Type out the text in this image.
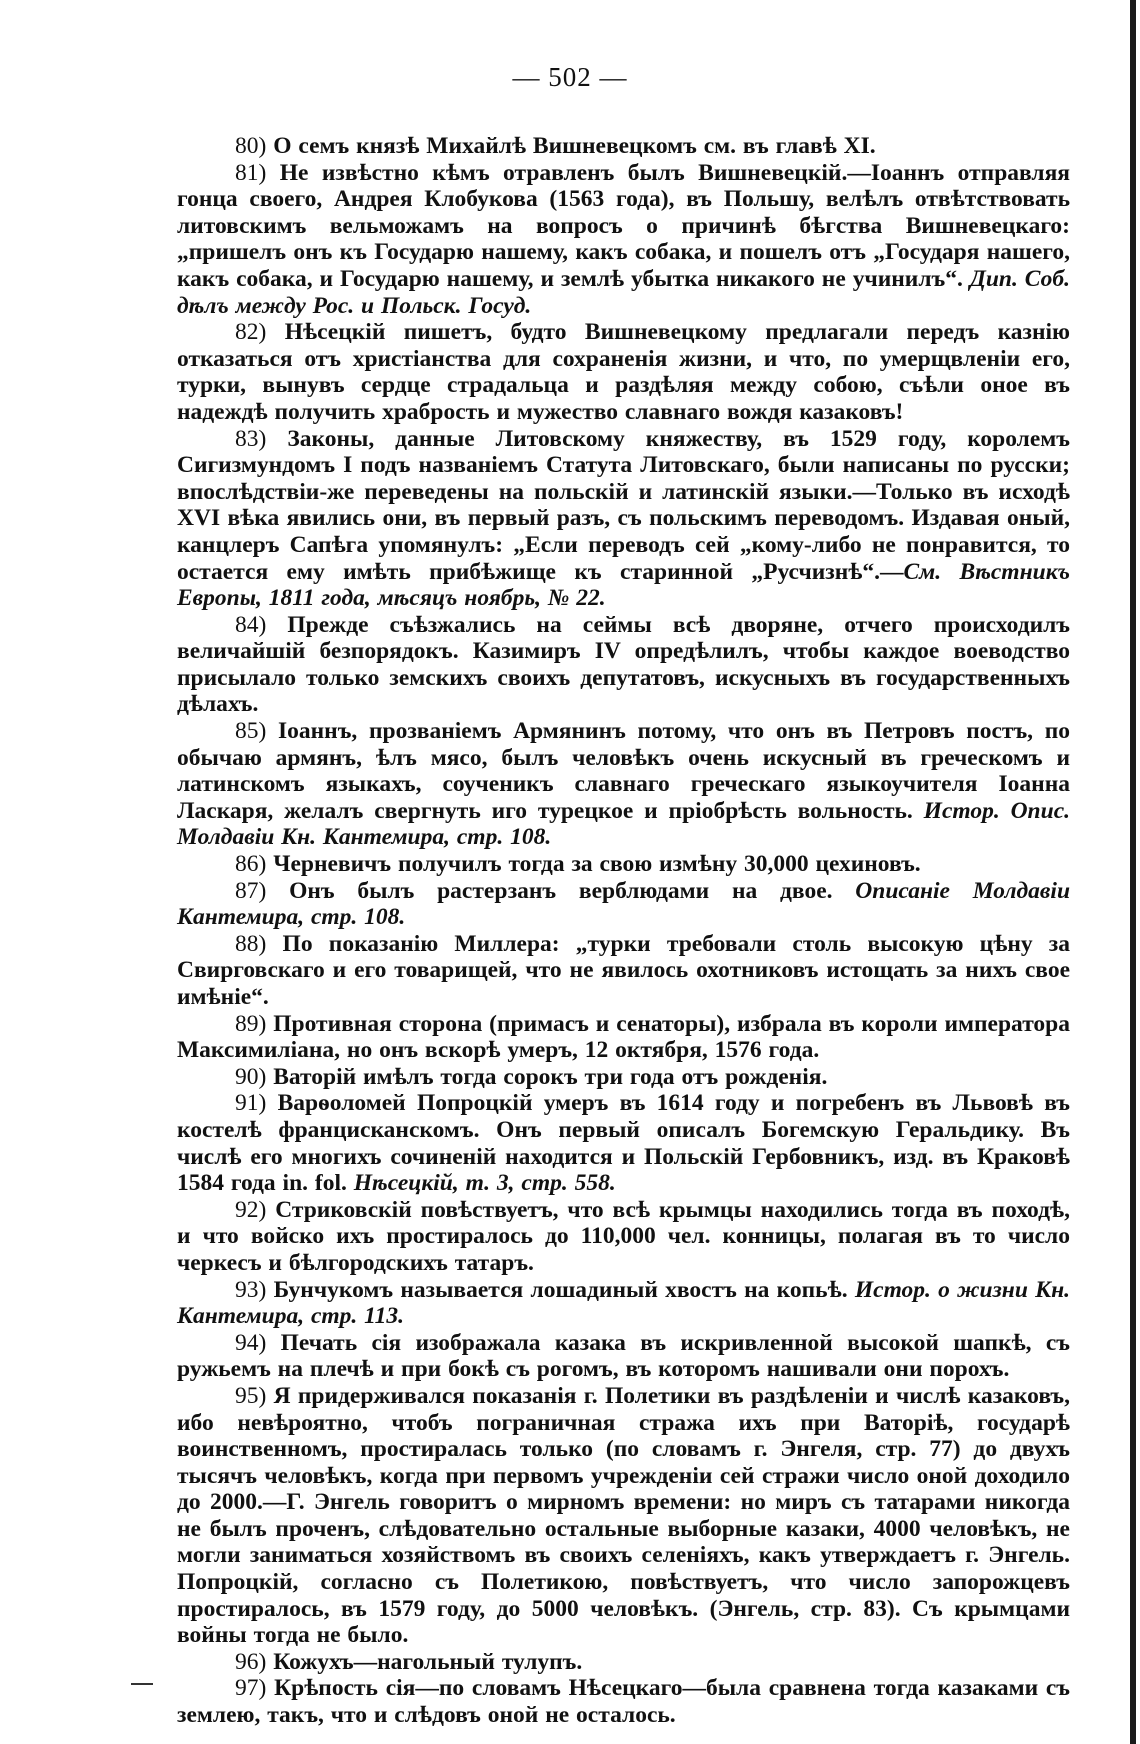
— 502 —

80) О семъ князѣ Михайлѣ Вишневецкомъ см. въ главѣ XI.

81) Не извѣстно кѣмъ отравленъ былъ Вишневецкій.—Іоаннъ отправляя гонца своего, Андрея Клобукова (1563 года), въ Польшу, велѣлъ отвѣтствовать литовскимъ вельможамъ на вопросъ о причинѣ бѣгства Вишневецкаго: „пришелъ онъ къ Государю нашему, какъ собака, и пошелъ отъ „Государя нашего, какъ собака, и Государю нашему, и землѣ убытка никакого не учинилъ“. Дип. Соб. дѣлъ между Рос. и Польск. Госуд.

82) Нѣсецкій пишетъ, будто Вишневецкому предлагали передъ казнію отказаться отъ христіанства для сохраненія жизни, и что, по умерщвленіи его, турки, вынувъ сердце страдальца и раздѣляя между собою, съѣли оное въ надеждѣ получить храбрость и мужество славнаго вождя казаковъ!

83) Законы, данные Литовскому княжеству, въ 1529 году, королемъ Сигизмундомъ I подъ названіемъ Статута Литовскаго, были написаны по русски; впослѣдствіи-же переведены на польскій и латинскій языки.—Только въ исходѣ XVI вѣка явились они, въ первый разъ, съ польскимъ переводомъ. Издавая оный, канцлеръ Сапѣга упомянулъ: „Если переводъ сей „кому-либо не понравится, то остается ему имѣть прибѣжище къ старинной „Русчизнѣ“.—См. Вѣстникъ Европы, 1811 года, мѣсяцъ ноябрь, № 22.

84) Прежде съѣзжались на сеймы всѣ дворяне, отчего происходилъ величайшій безпорядокъ. Казимиръ IV опредѣлилъ, чтобы каждое воеводство присылало только земскихъ своихъ депутатовъ, искусныхъ въ государственныхъ дѣлахъ.

85) Іоаннъ, прозваніемъ Армянинъ потому, что онъ въ Петровъ постъ, по обычаю армянъ, ѣлъ мясо, былъ человѣкъ очень искусный въ греческомъ и латинскомъ языкахъ, соученикъ славнаго греческаго языкоучителя Іоанна Ласкаря, желалъ свергнуть иго турецкое и пріобрѣсть вольность. Истор. Опис. Молдавіи Кн. Кантемира, стр. 108.

86) Черневичъ получилъ тогда за свою измѣну 30,000 цехиновъ.

87) Онъ былъ растерзанъ верблюдами на двое. Описаніе Молдавіи Кантемира, стр. 108.

88) По показанію Миллера: „турки требовали столь высокую цѣну за Свирговскаго и его товарищей, что не явилось охотниковъ истощать за нихъ свое имѣніе“.

89) Противная сторона (примасъ и сенаторы), избрала въ короли императора Максимиліана, но онъ вскорѣ умеръ, 12 октября, 1576 года.

90) Ваторій имѣлъ тогда сорокъ три года отъ рожденія.

91) Варѳоломей Попроцкій умеръ въ 1614 году и погребенъ въ Львовѣ въ костелѣ францисканскомъ. Онъ первый описалъ Богемскую Геральдику. Въ числѣ его многихъ сочиненій находится и Польскій Гербовникъ, изд. въ Краковѣ 1584 года in. fol. Нѣсецкій, т. 3, стр. 558.

92) Стриковскій повѣствуетъ, что всѣ крымцы находились тогда въ походѣ, и что войско ихъ простиралось до 110,000 чел. конницы, полагая въ то число черкесъ и бѣлгородскихъ татаръ.

93) Бунчукомъ называется лошадиный хвостъ на копьѣ. Истор. о жизни Кн. Кантемира, стр. 113.

94) Печать сія изображала казака въ искривленной высокой шапкѣ, съ ружьемъ на плечѣ и при бокѣ съ рогомъ, въ которомъ нашивали они порохъ.

95) Я придерживался показанія г. Полетики въ раздѣленіи и числѣ казаковъ, ибо невѣроятно, чтобъ пограничная стража ихъ при Ваторіѣ, государѣ воинственномъ, простиралась только (по словамъ г. Энгеля, стр. 77) до двухъ тысячъ человѣкъ, когда при первомъ учрежденіи сей стражи число оной доходило до 2000.—Г. Энгель говоритъ о мирномъ времени: но миръ съ татарами никогда не былъ проченъ, слѣдовательно остальные выборные казаки, 4000 человѣкъ, не могли заниматься хозяйствомъ въ своихъ селеніяхъ, какъ утверждаетъ г. Энгель. Попроцкій, согласно съ Полетикою, повѣствуетъ, что число запорожцевъ простиралось, въ 1579 году, до 5000 человѣкъ. (Энгель, стр. 83). Съ крымцами войны тогда не было.

96) Кожухъ—нагольный тулупъ.

97) Крѣпость сія—по словамъ Нѣсецкаго—была сравнена тогда казаками съ землею, такъ, что и слѣдовъ оной не осталось.
